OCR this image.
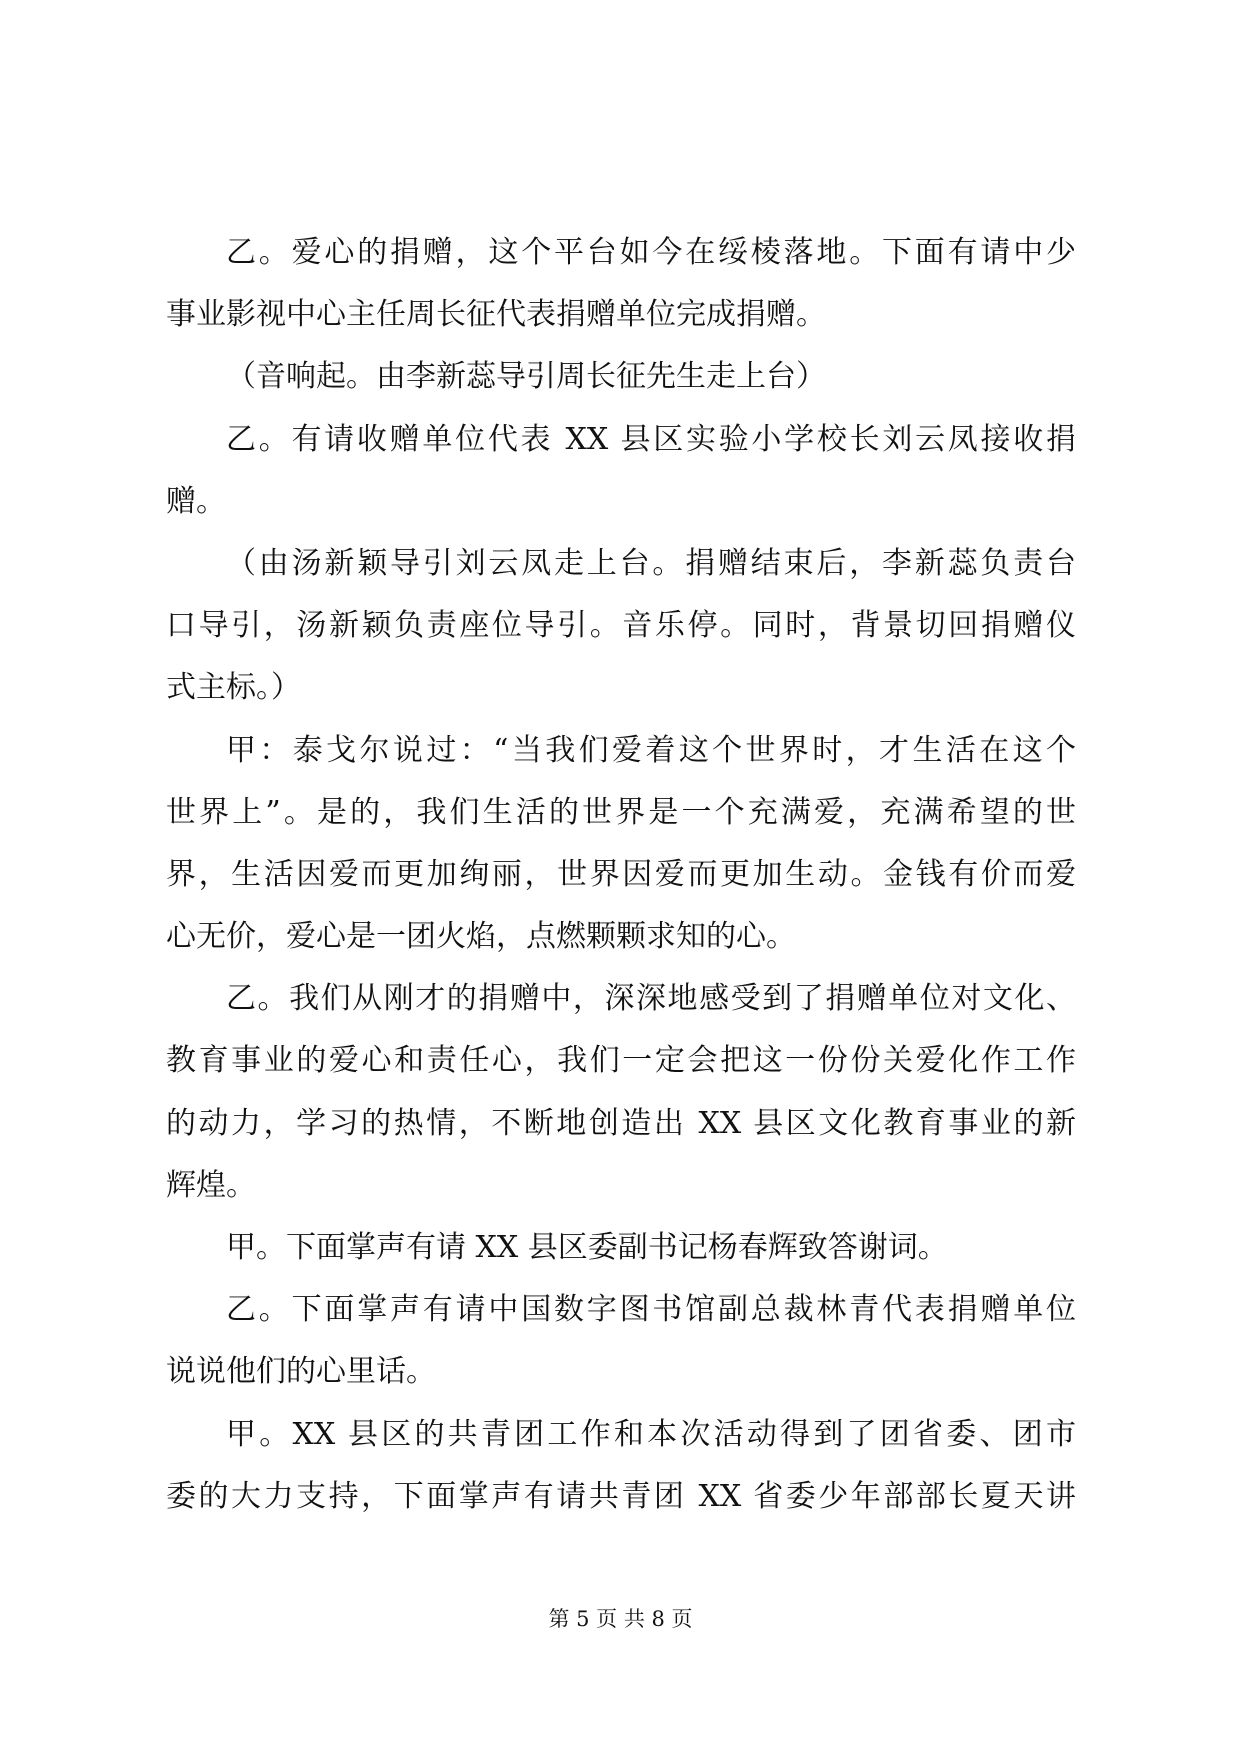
乙。爱心的捐赠，这个平台如今在绥棱落地。下面有请中少
事业影视中心主任周长征代表捐赠单位完成捐赠。
（音响起。由李新蕊导引周长征先生走上台）
乙。有请收赠单位代表 XX 县区实验小学校长刘云凤接收捐
赠。
（由汤新颖导引刘云凤走上台。捐赠结束后，李新蕊负责台
口导引，汤新颖负责座位导引。音乐停。同时，背景切回捐赠仪
式主标。）
甲：泰戈尔说过：“当我们爱着这个世界时，才生活在这个
世界上”。是的，我们生活的世界是一个充满爱，充满希望的世
界，生活因爱而更加绚丽，世界因爱而更加生动。金钱有价而爱
心无价，爱心是一团火焰，点燃颗颗求知的心。
乙。我们从刚才的捐赠中，深深地感受到了捐赠单位对文化、
教育事业的爱心和责任心，我们一定会把这一份份关爱化作工作
的动力，学习的热情，不断地创造出 XX 县区文化教育事业的新
辉煌。
甲。下面掌声有请 XX 县区委副书记杨春辉致答谢词。
乙。下面掌声有请中国数字图书馆副总裁林青代表捐赠单位
说说他们的心里话。
甲。XX 县区的共青团工作和本次活动得到了团省委、团市
委的大力支持，下面掌声有请共青团 XX 省委少年部部长夏天讲
第 5 页 共 8 页
